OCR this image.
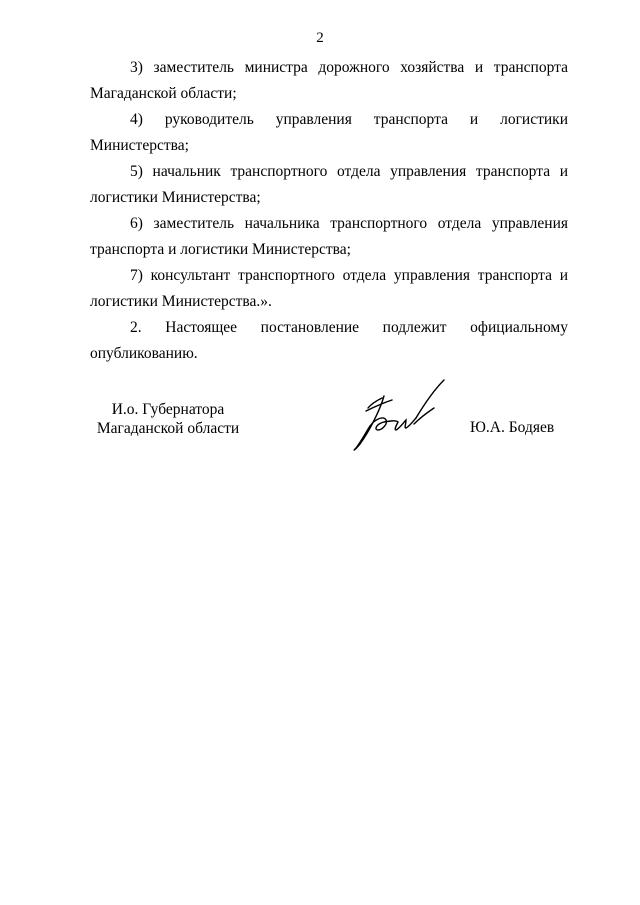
2

3) заместитель министра дорожного хозяйства и транспорта Магаданской области;

4) руководитель управления транспорта и логистики Министерства;

5) начальник транспортного отдела управления транспорта и логистики Министерства;

6) заместитель начальника транспортного отдела управления транспорта и логистики Министерства;

7) консультант транспортного отдела управления транспорта и логистики Министерства.».

2. Настоящее постановление подлежит официальному опубликованию.

И.о. Губернатора
Магаданской области	Ю.А. Бодяев
